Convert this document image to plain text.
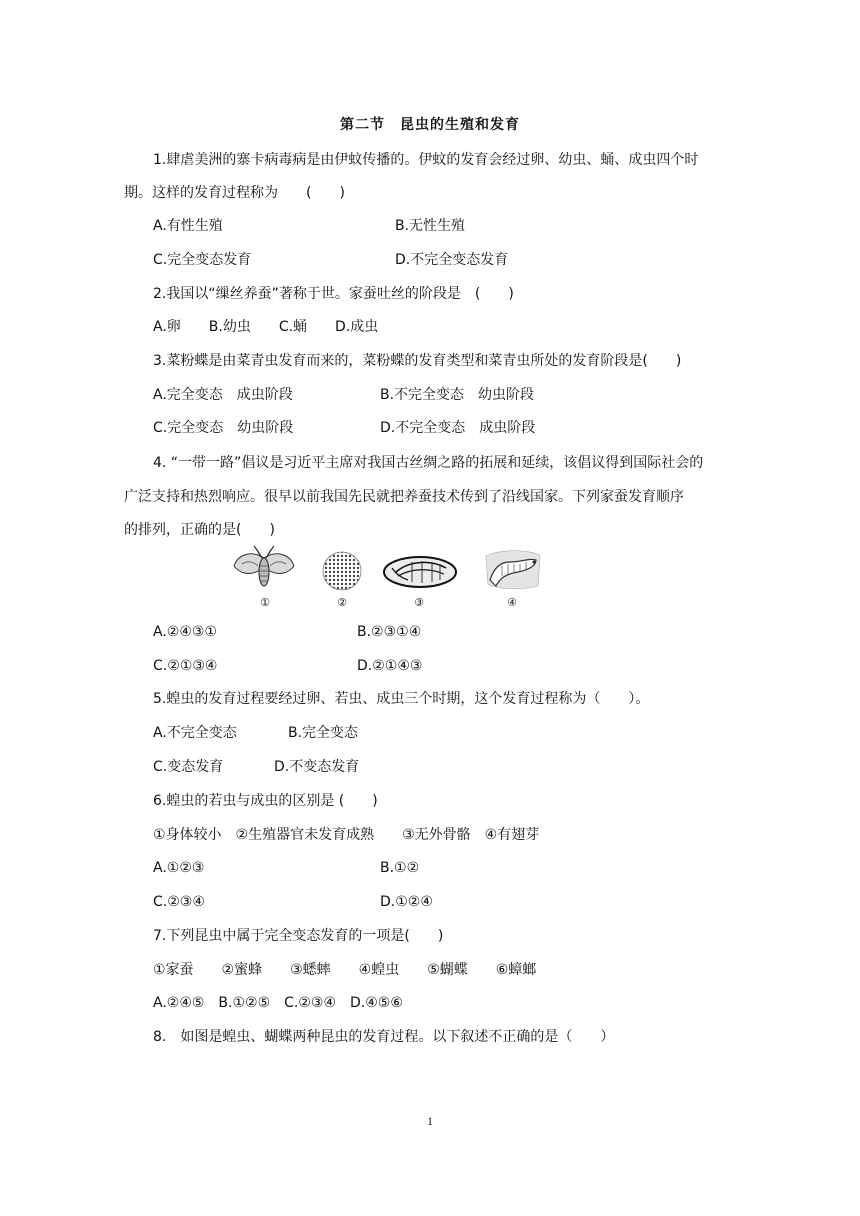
第二节　昆虫的生殖和发育
1.肆虐美洲的寨卡病毒病是由伊蚊传播的。伊蚊的发育会经过卵、幼虫、蛹、成虫四个时
期。这样的发育过程称为　　(　　)
A.有性生殖	B.无性生殖
C.完全变态发育	D.不完全变态发育
2.我国以“缫丝养蚕”著称于世。家蚕吐丝的阶段是　(　　)
A.卵　　B.幼虫　　C.蛹　　D.成虫
3.菜粉蝶是由菜青虫发育而来的，菜粉蝶的发育类型和菜青虫所处的发育阶段是(　　)
A.完全变态　成虫阶段	B.不完全变态　幼虫阶段
C.完全变态　幼虫阶段	D.不完全变态　成虫阶段
4. “一带一路”倡议是习近平主席对我国古丝绸之路的拓展和延续，该倡议得到国际社会的
广泛支持和热烈响应。很早以前我国先民就把养蚕技术传到了沿线国家。下列家蚕发育顺序
的排列，正确的是(　　)
①	②	③	④
A.②④③①	B.②③①④
C.②①③④	D.②①④③
5.蝗虫的发育过程要经过卵、若虫、成虫三个时期，这个发育过程称为（　　）。
A.不完全变态	B.完全变态
C.变态发育	D.不变态发育
6.蝗虫的若虫与成虫的区别是 (　　)
①身体较小　②生殖器官未发育成熟　　③无外骨骼　④有翅芽
A.①②③	B.①②
C.②③④	D.①②④
7.下列昆虫中属于完全变态发育的一项是(　　)
①家蚕　　②蜜蜂　　③蟋蟀　　④蝗虫　　⑤蝴蝶　　⑥蟑螂
A.②④⑤　B.①②⑤　C.②③④　D.④⑤⑥
8.　如图是蝗虫、蝴蝶两种昆虫的发育过程。以下叙述不正确的是（　　）
1
